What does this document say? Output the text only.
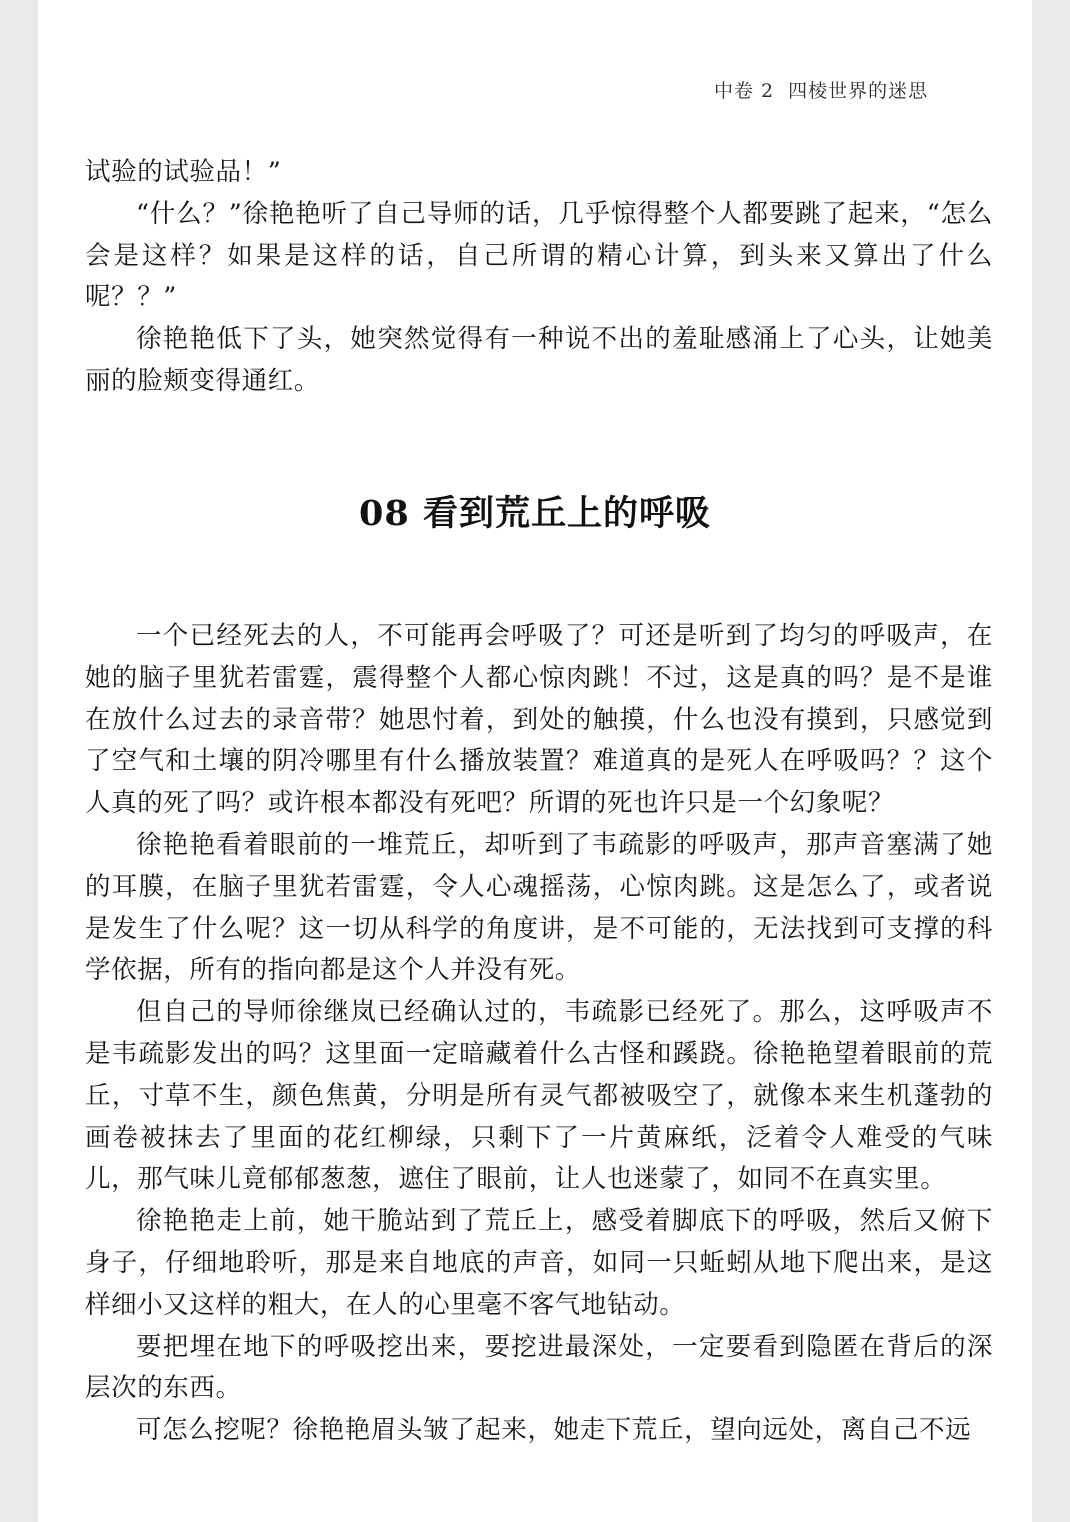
中卷 2 四棱世界的迷思

试验的试验品！”

“什么？”徐艳艳听了自己导师的话，几乎惊得整个人都要跳了起来，“怎么会是这样？如果是这样的话，自己所谓的精心计算，到头来又算出了什么呢？？”

徐艳艳低下了头，她突然觉得有一种说不出的羞耻感涌上了心头，让她美丽的脸颊变得通红。

08 看到荒丘上的呼吸

一个已经死去的人，不可能再会呼吸了？可还是听到了均匀的呼吸声，在她的脑子里犹若雷霆，震得整个人都心惊肉跳！不过，这是真的吗？是不是谁在放什么过去的录音带？她思忖着，到处的触摸，什么也没有摸到，只感觉到了空气和土壤的阴冷哪里有什么播放装置？难道真的是死人在呼吸吗？？这个人真的死了吗？或许根本都没有死吧？所谓的死也许只是一个幻象呢？

徐艳艳看着眼前的一堆荒丘，却听到了韦疏影的呼吸声，那声音塞满了她的耳膜，在脑子里犹若雷霆，令人心魂摇荡，心惊肉跳。这是怎么了，或者说是发生了什么呢？这一切从科学的角度讲，是不可能的，无法找到可支撑的科学依据，所有的指向都是这个人并没有死。

但自己的导师徐继岚已经确认过的，韦疏影已经死了。那么，这呼吸声不是韦疏影发出的吗？这里面一定暗藏着什么古怪和蹊跷。徐艳艳望着眼前的荒丘，寸草不生，颜色焦黄，分明是所有灵气都被吸空了，就像本来生机蓬勃的画卷被抹去了里面的花红柳绿，只剩下了一片黄麻纸，泛着令人难受的气味儿，那气味儿竟郁郁葱葱，遮住了眼前，让人也迷蒙了，如同不在真实里。

徐艳艳走上前，她干脆站到了荒丘上，感受着脚底下的呼吸，然后又俯下身子，仔细地聆听，那是来自地底的声音，如同一只蚯蚓从地下爬出来，是这样细小又这样的粗大，在人的心里毫不客气地钻动。

要把埋在地下的呼吸挖出来，要挖进最深处，一定要看到隐匿在背后的深层次的东西。

可怎么挖呢？徐艳艳眉头皱了起来，她走下荒丘，望向远处，离自己不远
